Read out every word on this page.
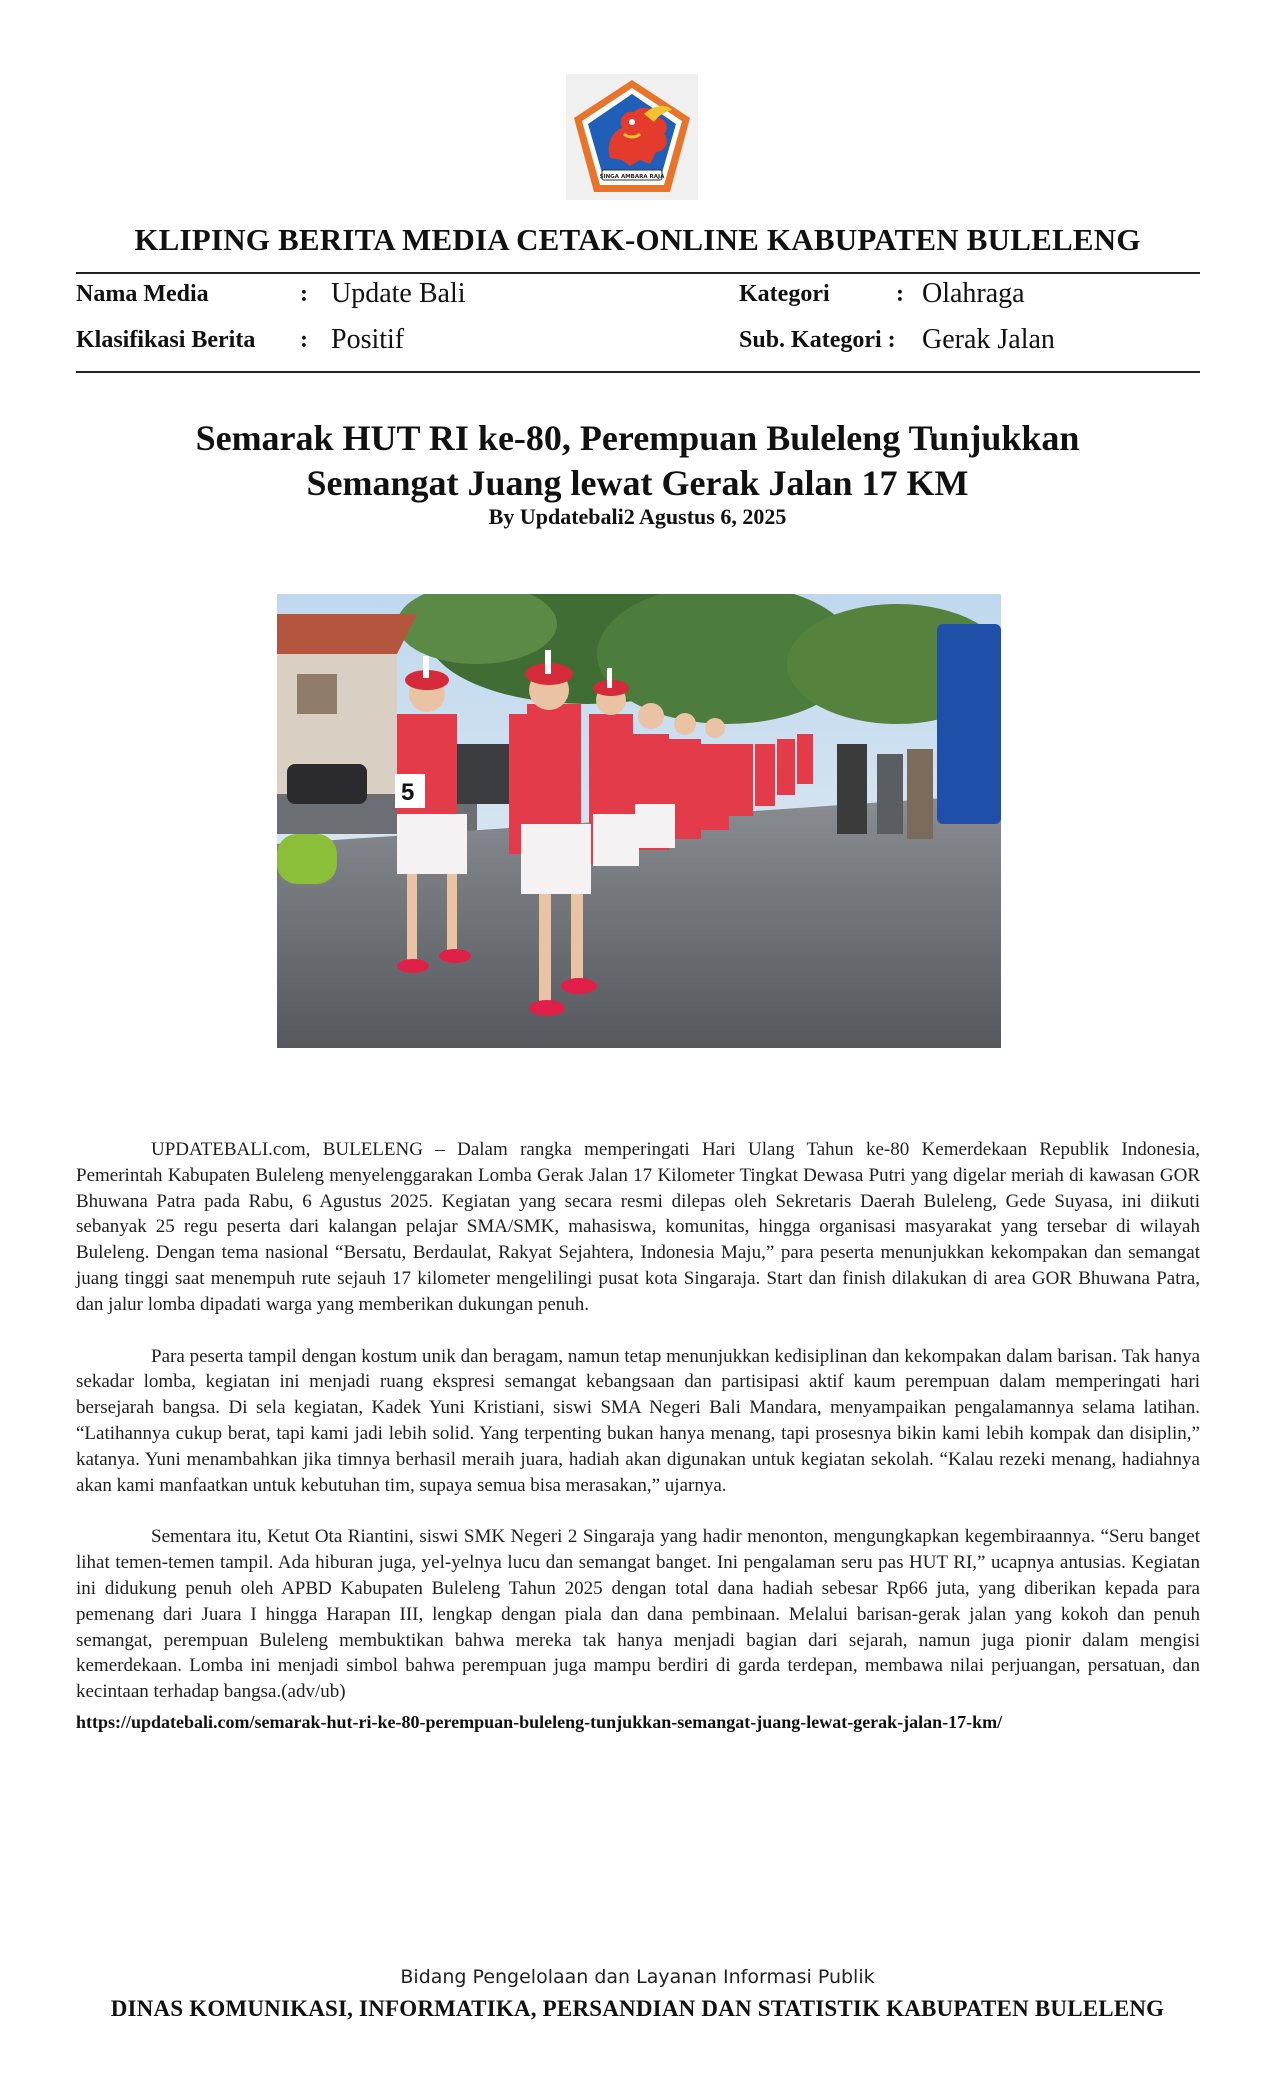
SINGA AMBARA RAJA
KLIPING BERITA MEDIA CETAK-ONLINE KABUPATEN BULELENG
Nama Media	: Update Bali
Klasifikasi Berita : Positif
Kategori	: Olahraga
Sub. Kategori : Gerak Jalan
Semarak HUT RI ke-80, Perempuan Buleleng Tunjukkan
Semangat Juang lewat Gerak Jalan 17 KM
By Updatebali2 Agustus 6, 2025
5

UPDATEBALI.com, BULELENG – Dalam rangka memperingati Hari Ulang Tahun ke-80 Kemerdekaan Republik Indonesia, Pemerintah Kabupaten Buleleng menyelenggarakan Lomba Gerak Jalan 17 Kilometer Tingkat Dewasa Putri yang digelar meriah di kawasan GOR Bhuwana Patra pada Rabu, 6 Agustus 2025. Kegiatan yang secara resmi dilepas oleh Sekretaris Daerah Buleleng, Gede Suyasa, ini diikuti sebanyak 25 regu peserta dari kalangan pelajar SMA/SMK, mahasiswa, komunitas, hingga organisasi masyarakat yang tersebar di wilayah Buleleng. Dengan tema nasional “Bersatu, Berdaulat, Rakyat Sejahtera, Indonesia Maju,” para peserta menunjukkan kekompakan dan semangat juang tinggi saat menempuh rute sejauh 17 kilometer mengelilingi pusat kota Singaraja. Start dan finish dilakukan di area GOR Bhuwana Patra, dan jalur lomba dipadati warga yang memberikan dukungan penuh.

Para peserta tampil dengan kostum unik dan beragam, namun tetap menunjukkan kedisiplinan dan kekompakan dalam barisan. Tak hanya sekadar lomba, kegiatan ini menjadi ruang ekspresi semangat kebangsaan dan partisipasi aktif kaum perempuan dalam memperingati hari bersejarah bangsa. Di sela kegiatan, Kadek Yuni Kristiani, siswi SMA Negeri Bali Mandara, menyampaikan pengalamannya selama latihan. “Latihannya cukup berat, tapi kami jadi lebih solid. Yang terpenting bukan hanya menang, tapi prosesnya bikin kami lebih kompak dan disiplin,” katanya. Yuni menambahkan jika timnya berhasil meraih juara, hadiah akan digunakan untuk kegiatan sekolah. “Kalau rezeki menang, hadiahnya akan kami manfaatkan untuk kebutuhan tim, supaya semua bisa merasakan,” ujarnya.

Sementara itu, Ketut Ota Riantini, siswi SMK Negeri 2 Singaraja yang hadir menonton, mengungkapkan kegembiraannya. “Seru banget lihat temen-temen tampil. Ada hiburan juga, yel-yelnya lucu dan semangat banget. Ini pengalaman seru pas HUT RI,” ucapnya antusias. Kegiatan ini didukung penuh oleh APBD Kabupaten Buleleng Tahun 2025 dengan total dana hadiah sebesar Rp66 juta, yang diberikan kepada para pemenang dari Juara I hingga Harapan III, lengkap dengan piala dan dana pembinaan. Melalui barisan-gerak jalan yang kokoh dan penuh semangat, perempuan Buleleng membuktikan bahwa mereka tak hanya menjadi bagian dari sejarah, namun juga pionir dalam mengisi kemerdekaan. Lomba ini menjadi simbol bahwa perempuan juga mampu berdiri di garda terdepan, membawa nilai perjuangan, persatuan, dan kecintaan terhadap bangsa.(adv/ub)

https://updatebali.com/semarak-hut-ri-ke-80-perempuan-buleleng-tunjukkan-semangat-juang-lewat-gerak-jalan-17-km/
Bidang Pengelolaan dan Layanan Informasi Publik
DINAS KOMUNIKASI, INFORMATIKA, PERSANDIAN DAN STATISTIK KABUPATEN BULELENG
